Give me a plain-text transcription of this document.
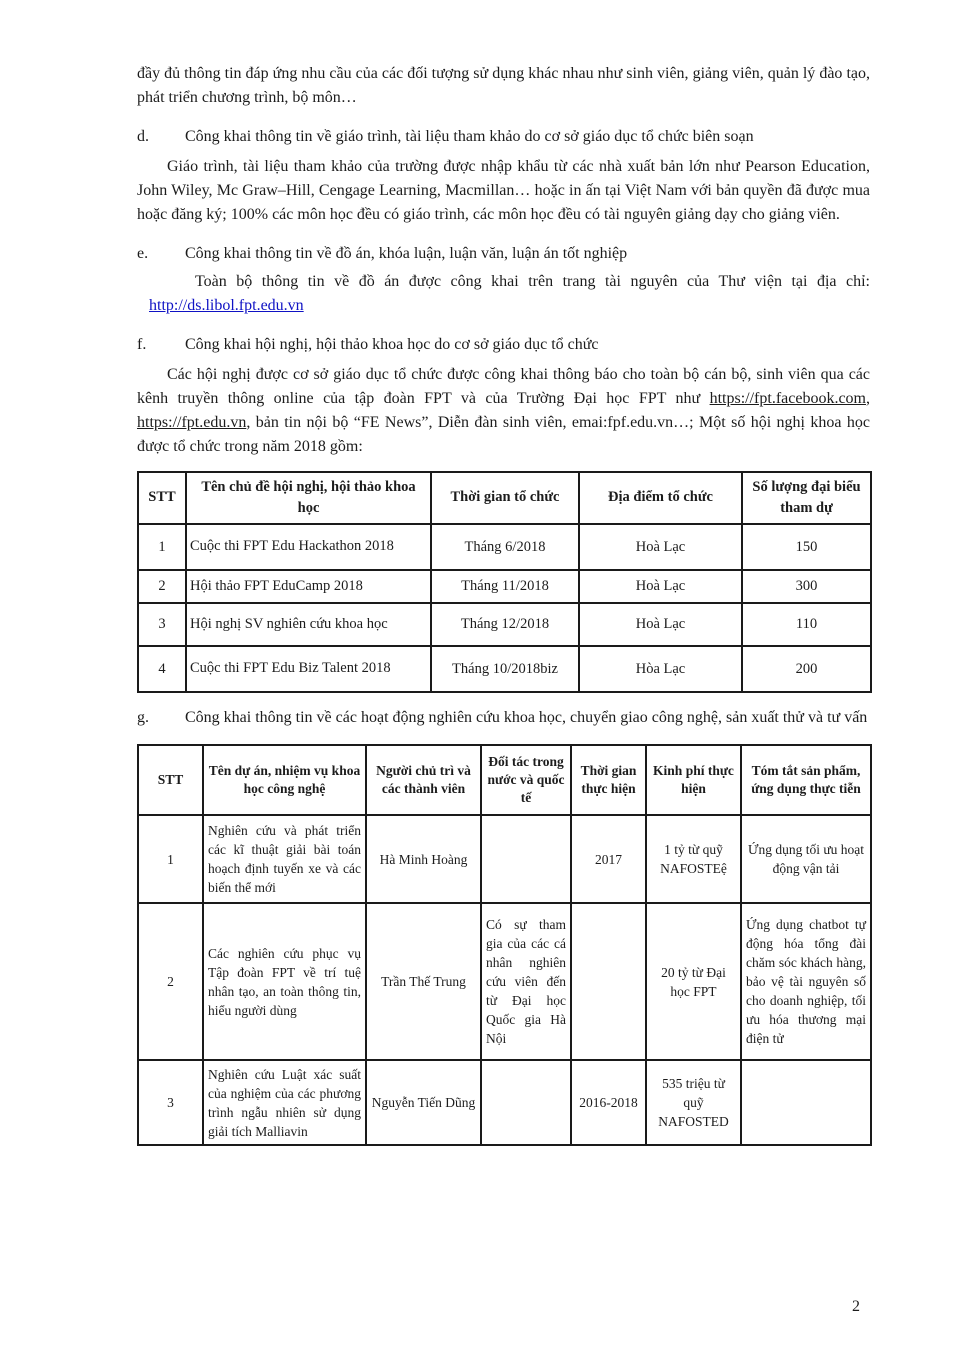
đầy đủ thông tin đáp ứng nhu cầu của các đối tượng sử dụng khác nhau như sinh viên, giảng viên, quản lý đào tạo, phát triển chương trình, bộ môn…

d.	Công khai thông tin về giáo trình, tài liệu tham khảo do cơ sở giáo dục tổ chức biên soạn

Giáo trình, tài liệu tham khảo của trường được nhập khẩu từ các nhà xuất bản lớn như Pearson Education, John Wiley, Mc Graw–Hill, Cengage Learning, Macmillan… hoặc in ấn tại Việt Nam với bản quyền đã được mua hoặc đăng ký; 100% các môn học đều có giáo trình, các môn học đều có tài nguyên giảng dạy cho giảng viên.

e.	Công khai thông tin về đồ án, khóa luận, luận văn, luận án tốt nghiệp

Toàn bộ thông tin về đồ án được công khai trên trang tài nguyên của Thư viện tại địa chỉ: http://ds.libol.fpt.edu.vn

f.	Công khai hội nghị, hội thảo khoa học do cơ sở giáo dục tổ chức

Các hội nghị được cơ sở giáo dục tổ chức được công khai thông báo cho toàn bộ cán bộ, sinh viên qua các kênh truyền thông online của tập đoàn FPT và của Trường Đại học FPT như https://fpt.facebook.com, https://fpt.edu.vn, bản tin nội bộ “FE News”, Diễn đàn sinh viên, emai:fpf.edu.vn…; Một số hội nghị khoa học được tổ chức trong năm 2018 gồm:

STT	Tên chủ đề hội nghị, hội thảo khoa học	Thời gian tổ chức	Địa điểm tổ chức	Số lượng đại biểu tham dự
1	Cuộc thi FPT Edu Hackathon 2018	Tháng 6/2018	Hoà Lạc	150
2	Hội thảo FPT EduCamp 2018	Tháng 11/2018	Hoà Lạc	300
3	Hội nghị SV nghiên cứu khoa học	Tháng 12/2018	Hoà Lạc	110
4	Cuộc thi FPT Edu Biz Talent 2018	Tháng 10/2018biz	Hòa Lạc	200
g.	Công khai thông tin về các hoạt động nghiên cứu khoa học, chuyển giao công nghệ, sản xuất thử và tư vấn
STT	Tên dự án, nhiệm vụ khoa học công nghệ	Người chủ trì và các thành viên	Đối tác trong nước và quốc tế	Thời gian thực hiện	Kinh phí thực hiện	Tóm tắt sản phẩm, ứng dụng thực tiễn
1	Nghiên cứu và phát triển các kĩ thuật giải bài toán hoạch định tuyến xe và các biến thể mới	Hà Minh Hoàng		2017	1 tỷ từ quỹ NAFOSTEệ	Ứng dụng tối ưu hoạt động vận tải
2	Các nghiên cứu phục vụ Tập đoàn FPT về trí tuệ nhân tạo, an toàn thông tin, hiểu người dùng	Trần Thế Trung	Có sự tham gia của các cá nhân nghiên cứu viên đến từ Đại học Quốc gia Hà Nội		20 tỷ từ Đại học FPT	Ứng dụng chatbot tự động hóa tổng đài chăm sóc khách hàng, bảo vệ tài nguyên số cho doanh nghiệp, tối ưu hóa thương mại điện tử
3	Nghiên cứu Luật xác suất của nghiệm của các phương trình ngẫu nhiên sử dụng giải tích Malliavin	Nguyễn Tiến Dũng		2016-2018	535 triệu từ quỹ NAFOSTED	
2
